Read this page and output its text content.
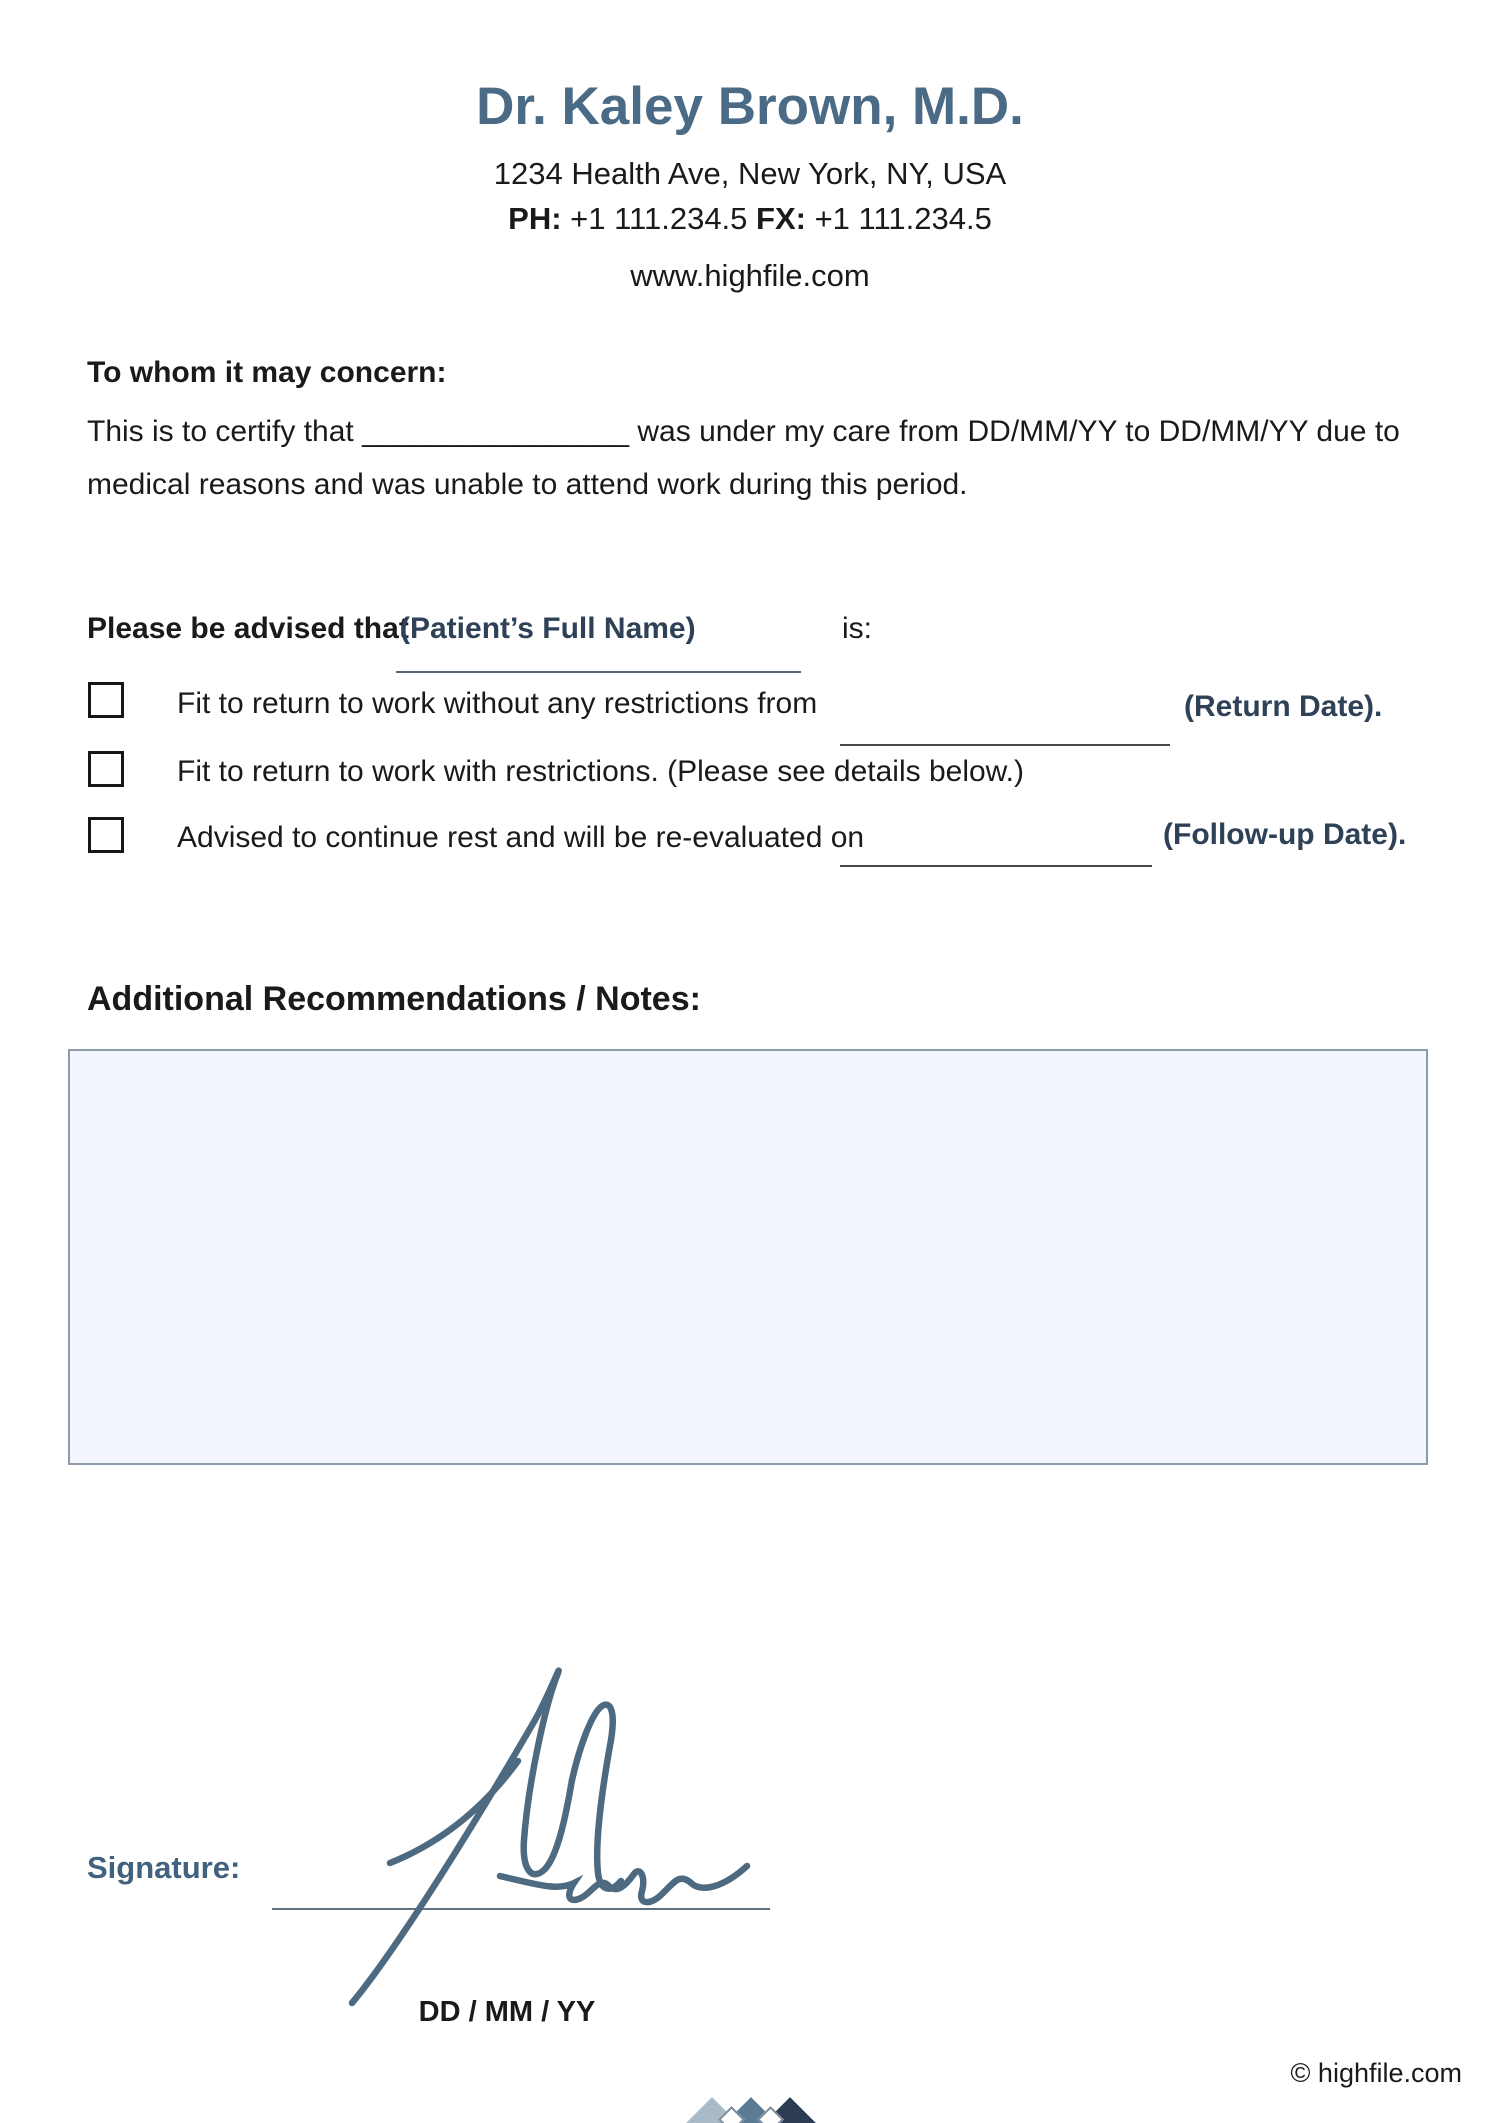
Dr. Kaley Brown, M.D.
1234 Health Ave, New York, NY, USA
PH: +1 111.234.5 FX: +1 111.234.5
www.highfile.com
To whom it may concern:
This is to certify that ________________ was under my care from DD/MM/YY to DD/MM/YY due to medical reasons and was unable to attend work during this period.
Please be advised that
(Patient’s Full Name)	is:
Fit to return to work without any restrictions from	(Return Date).
Fit to return to work with restrictions. (Please see details below.)
Advised to continue rest and will be re-evaluated on	(Follow-up Date).
Additional Recommendations / Notes:
Signature:
DD / MM / YY
© highfile.com
